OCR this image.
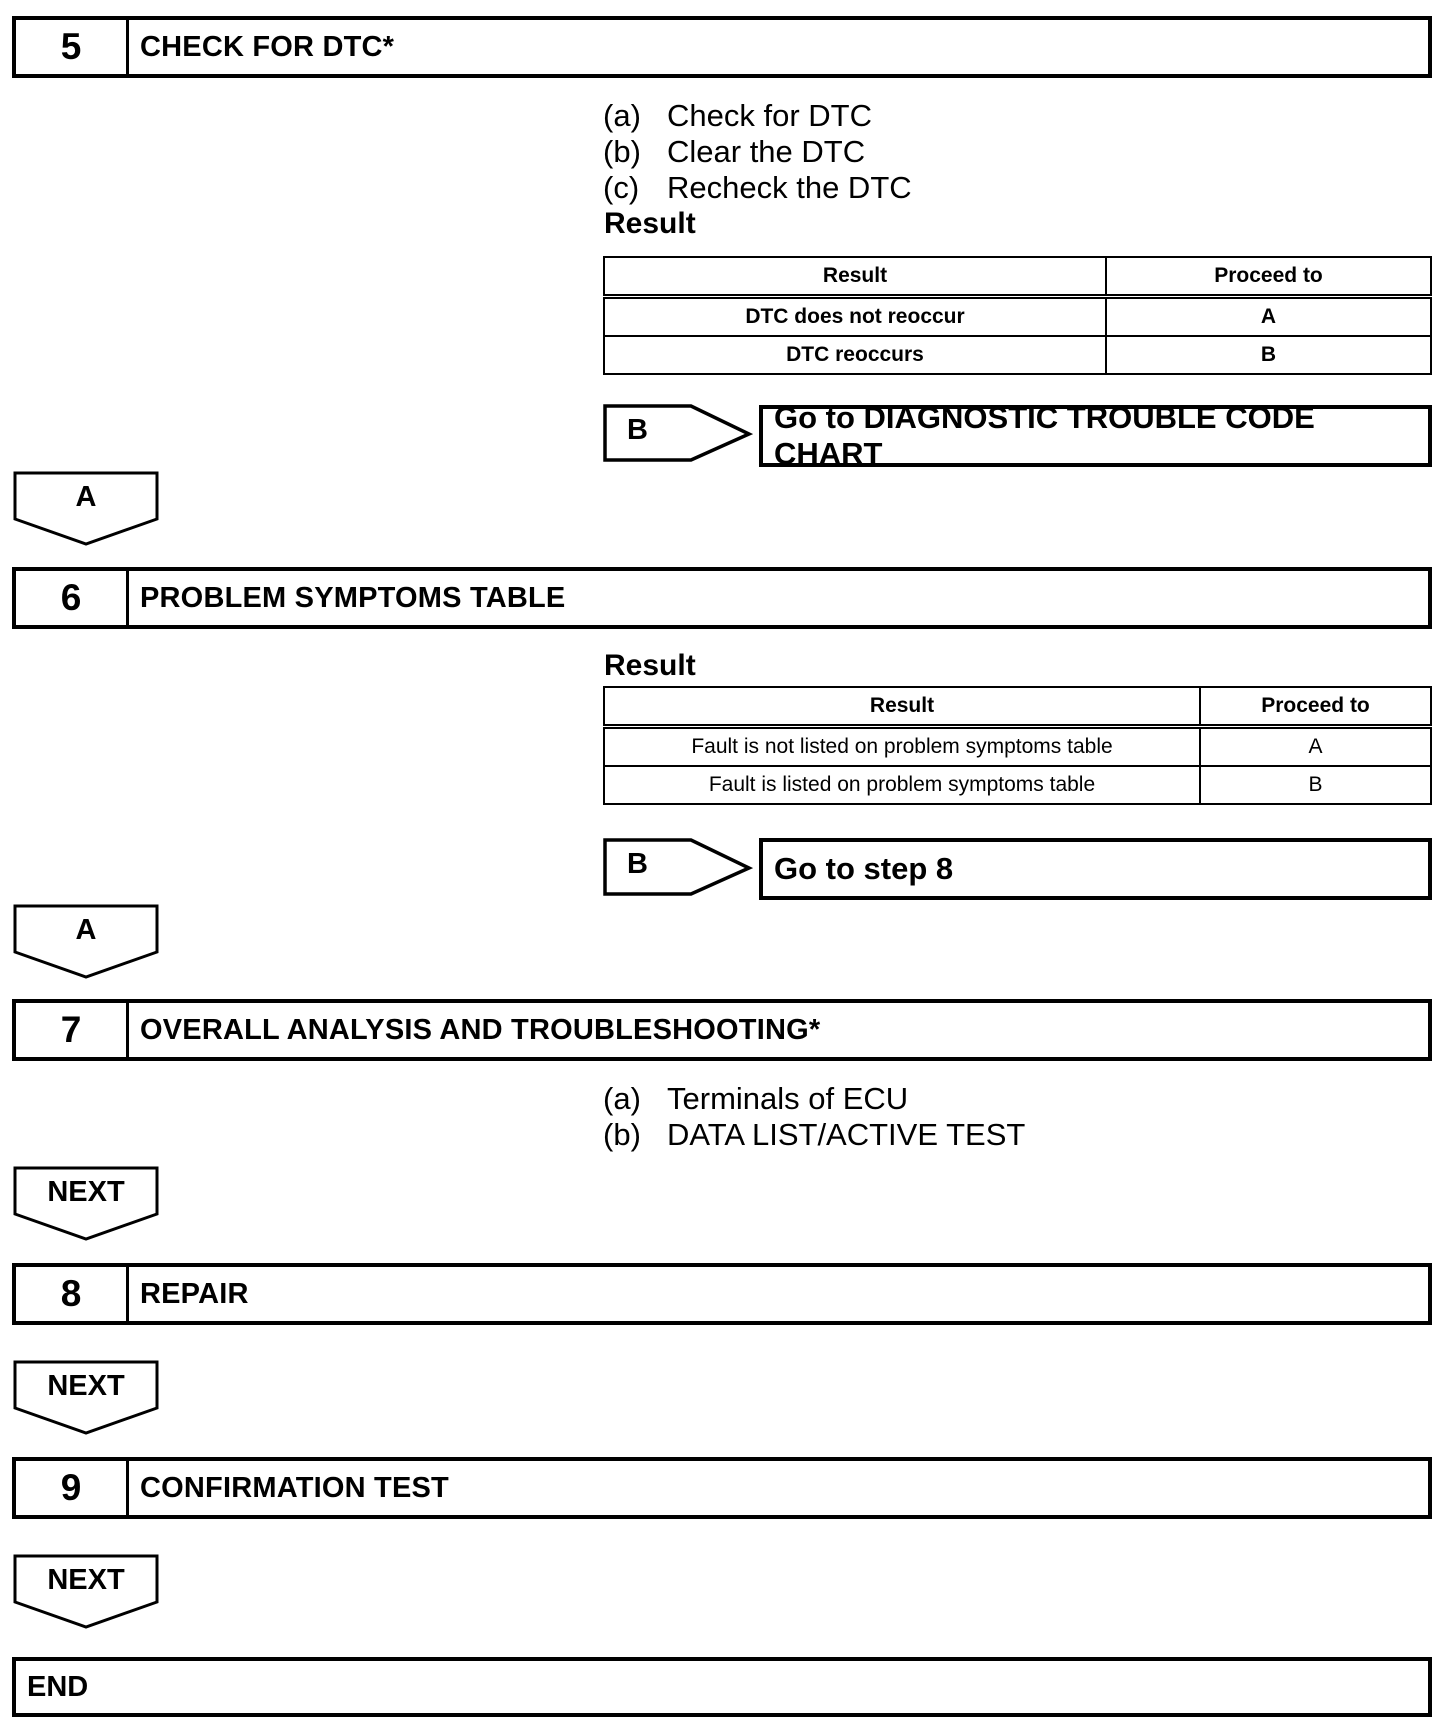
5	CHECK FOR DTC*
(a) Check for DTC
(b) Clear the DTC
(c) Recheck the DTC
Result
Result	Proceed to
DTC does not reoccur	A
DTC reoccurs	B
B	Go to DIAGNOSTIC TROUBLE CODE CHART
A
6	PROBLEM SYMPTOMS TABLE
Result
Result	Proceed to
Fault is not listed on problem symptoms table	A
Fault is listed on problem symptoms table	B
B	Go to step 8
A
7	OVERALL ANALYSIS AND TROUBLESHOOTING*
(a) Terminals of ECU
(b) DATA LIST/ACTIVE TEST
NEXT
8	REPAIR
NEXT
9	CONFIRMATION TEST
NEXT
END
